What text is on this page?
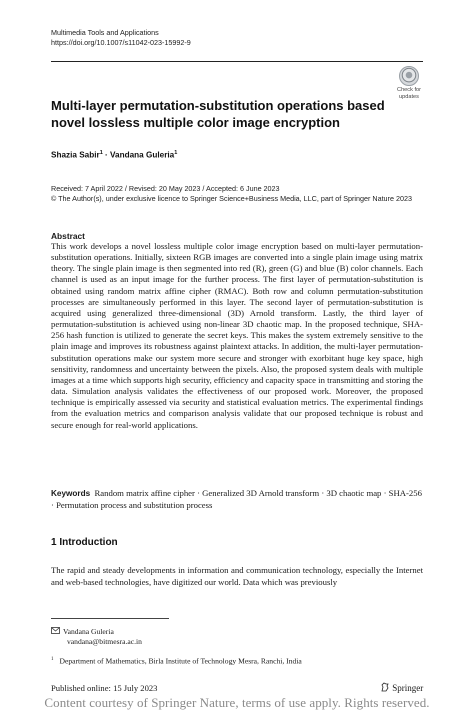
Multimedia Tools and Applications
https://doi.org/10.1007/s11042-023-15992-9
Check for
updates
Multi-layer permutation-substitution operations based novel lossless multiple color image encryption
Shazia Sabir$^1$ · Vandana Guleria$^1$
Received: 7 April 2022 / Revised: 20 May 2023 / Accepted: 6 June 2023
© The Author(s), under exclusive licence to Springer Science+Business Media, LLC, part of Springer Nature 2023
Abstract

This work develops a novel lossless multiple color image encryption based on multi-layer permutation-substitution operations. Initially, sixteen RGB images are converted into a single plain image using matrix theory. The single plain image is then segmented into red (R), green (G) and blue (B) color channels. Each channel is used as an input image for the further process. The first layer of permutation-substitution is obtained using random matrix affine cipher (RMAC). Both row and column permutation-substitution processes are simultaneously performed in this layer. The second layer of permutation-substitution is acquired using generalized three-dimensional (3D) Arnold transform. Lastly, the third layer of permutation-substitution is achieved using non-linear 3D chaotic map. In the proposed technique, SHA-256 hash function is utilized to generate the secret keys. This makes the system extremely sensitive to the plain image and improves its robustness against plaintext attacks. In addition, the multi-layer permutation-substitution operations make our system more secure and stronger with exorbitant huge key space, high sensitivity, randomness and uncertainty between the pixels. Also, the proposed system deals with multiple images at a time which supports high security, efficiency and capacity space in transmitting and storing the data. Simulation analysis validates the effectiveness of our proposed work. Moreover, the proposed technique is empirically assessed via security and statistical evaluation metrics. The experimental findings from the evaluation metrics and comparison analysis validate that our proposed technique is robust and secure enough for real-world applications.

Keywords Random matrix affine cipher · Generalized 3D Arnold transform · 3D chaotic map · SHA-256 · Permutation process and substitution process
1 Introduction

The rapid and steady developments in information and communication technology, especially the Internet and web-based technologies, have digitized our world. Data which was previously

Vandana Guleria
vandana@bitmesra.ac.in
$^1$ Department of Mathematics, Birla Institute of Technology Mesra, Ranchi, India
Published online: 15 July 2023	Springer
Content courtesy of Springer Nature, terms of use apply. Rights reserved.
